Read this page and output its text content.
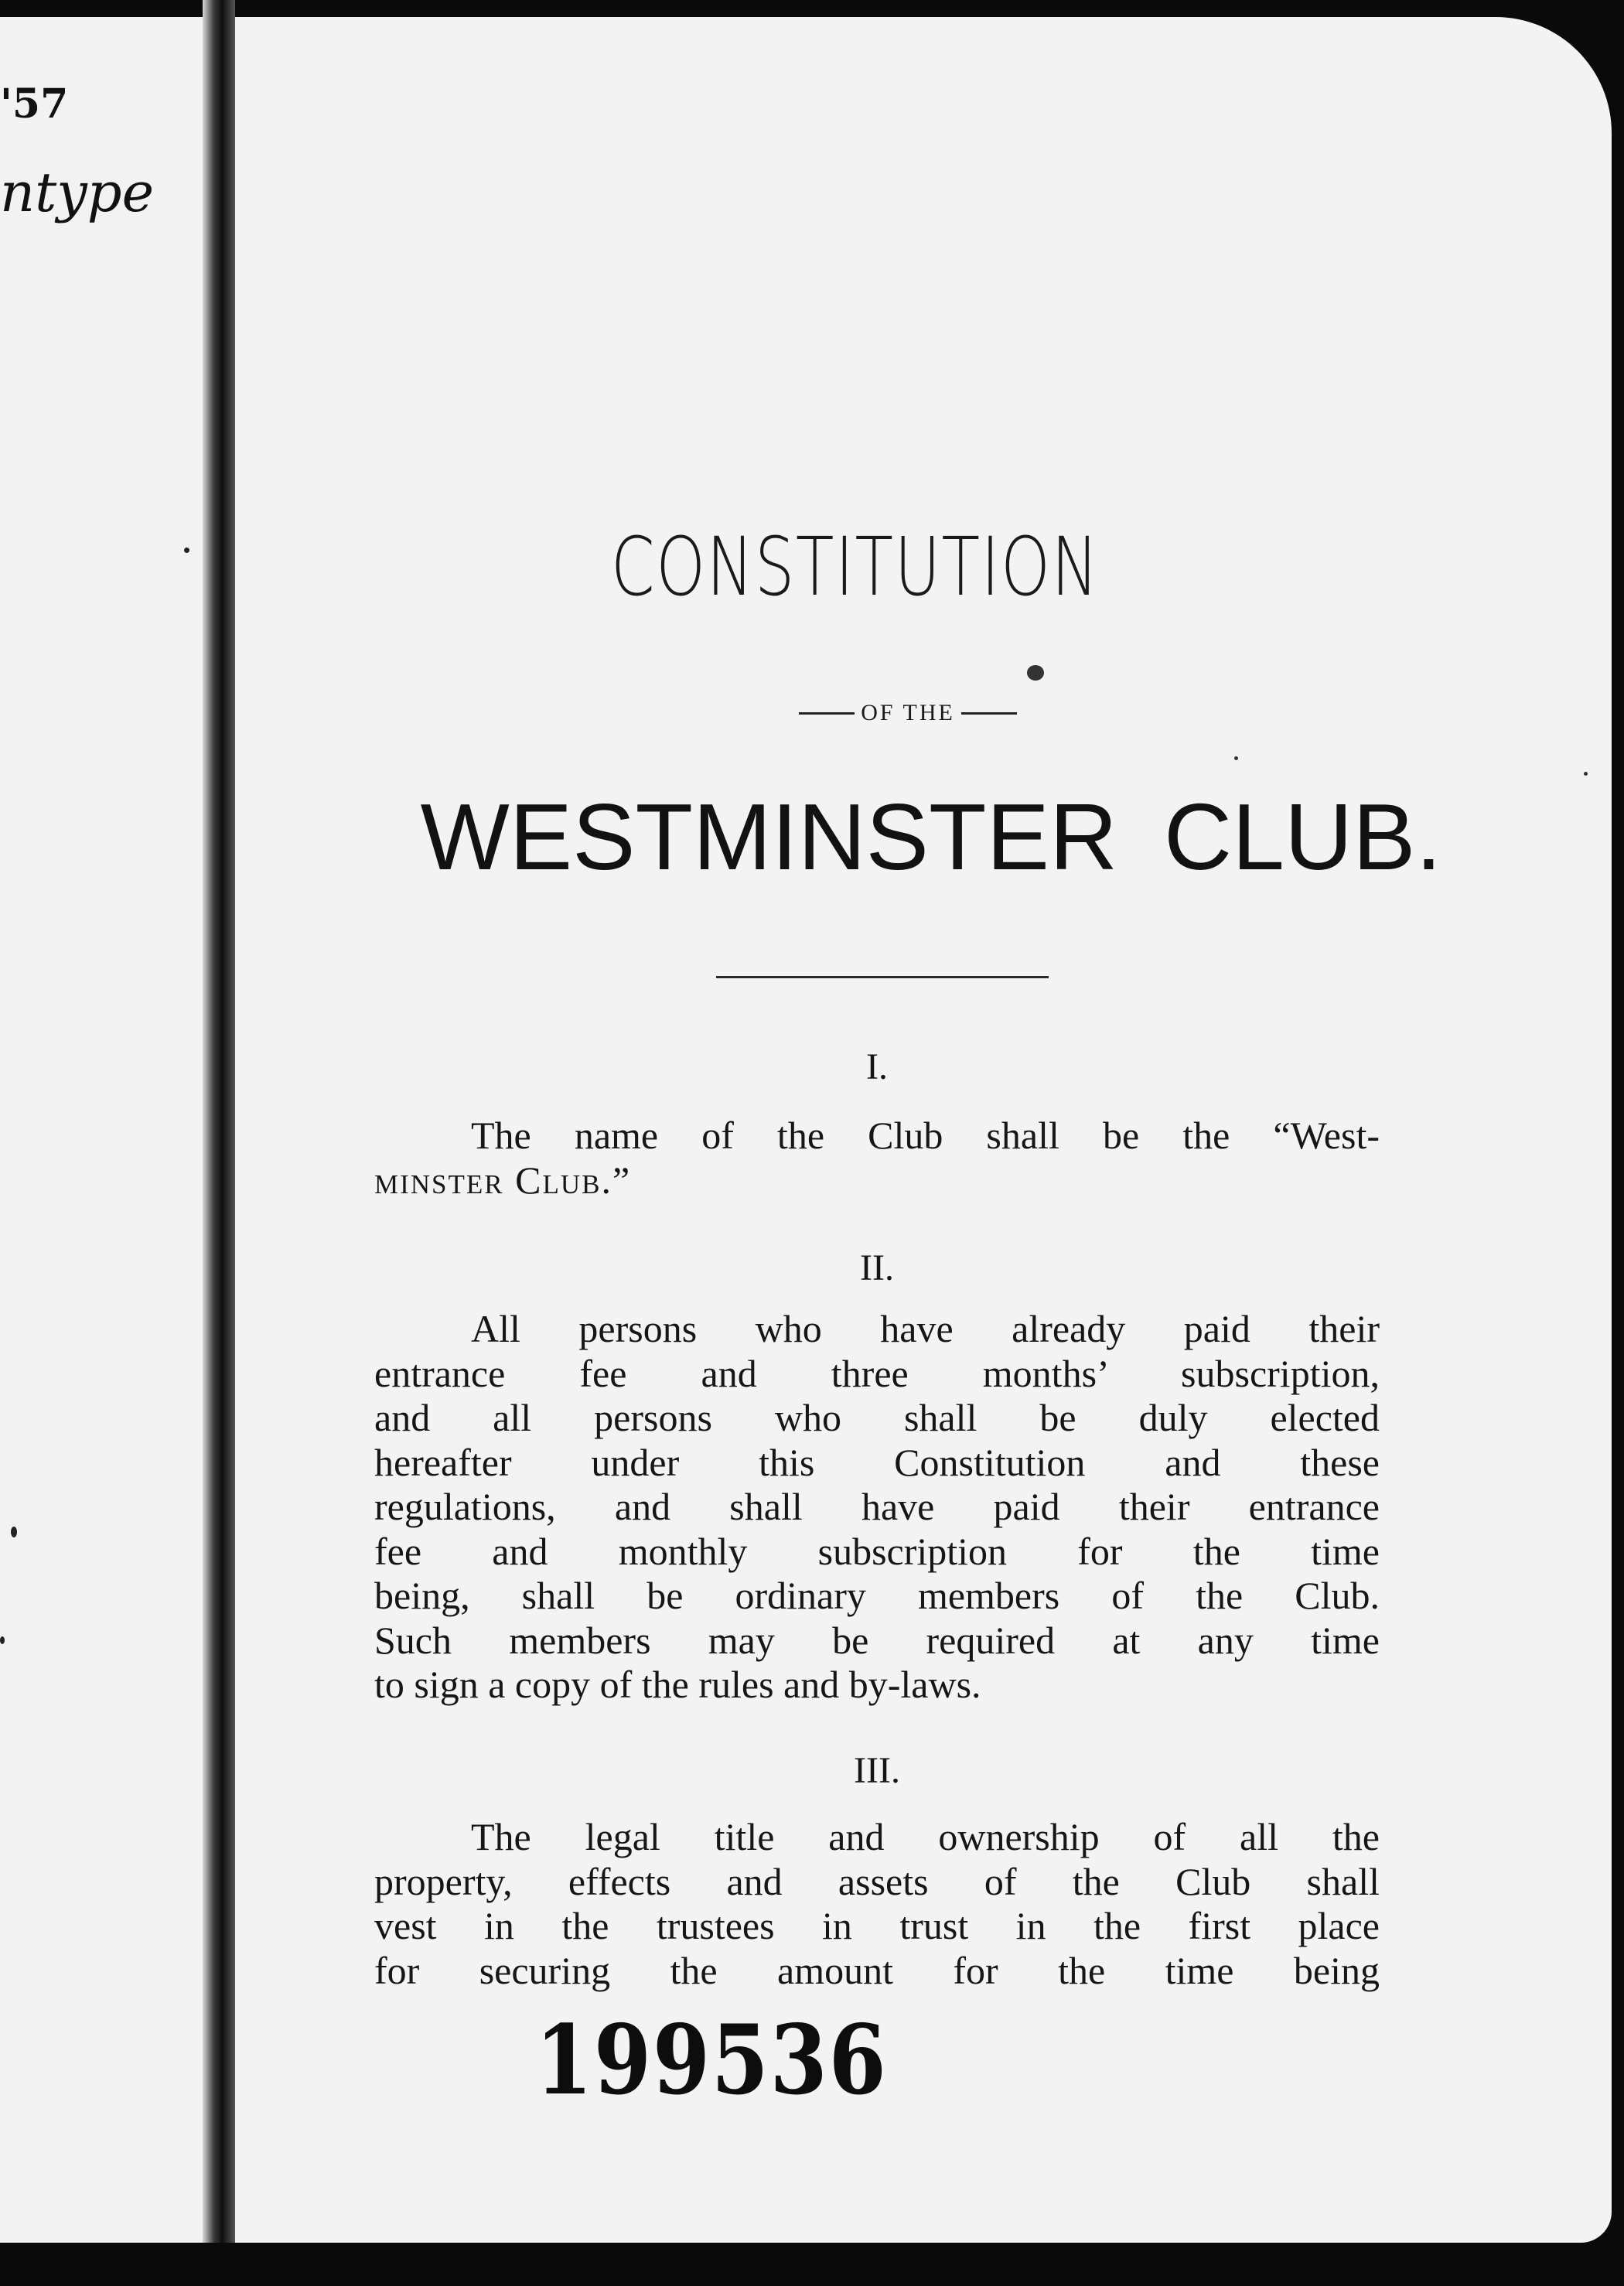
'57
ntype
CONSTITUTION
OF THE
WESTMINSTER CLUB.
I.
The name of the Club shall be the “West-
minster Club.”
II.
All persons who have already paid their
entrance fee and three months’ subscription,
and all persons who shall be duly elected
hereafter under this Constitution and these
regulations, and shall have paid their entrance
fee and monthly subscription for the time
being, shall be ordinary members of the Club.
Such members may be required at any time
to sign a copy of the rules and by-laws.
III.
The legal title and ownership of all the
property, effects and assets of the Club shall
vest in the trustees in trust in the first place
for securing the amount for the time being
199536
